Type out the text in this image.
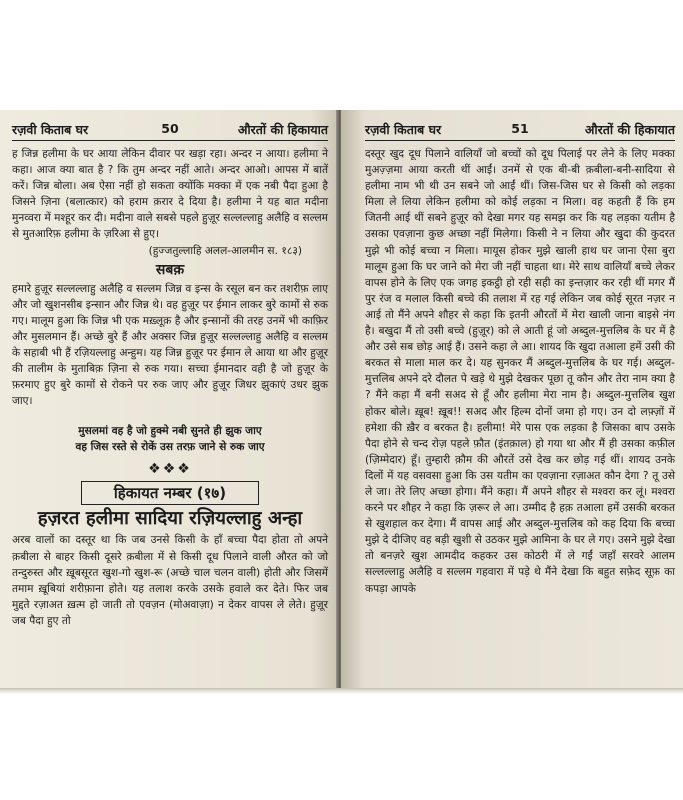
रज़वी किताब घर	50	औरतों की हिकायात

ह जिन्न हलीमा के घर आया लेकिन दीवार पर खड़ा रहा। अन्दर न आया। हलीमा ने कहा। आज क्या बात है ? कि तुम अन्दर नहीं आते। अन्दर आओ। आपस में बातें करें। जिन्न बोला। अब ऐसा नहीं हो सकता क्योंकि मक्का में एक नबी पैदा हुआ है जिसने ज़िना (बलात्कार) को हराम क़रार दे दिया है। हलीमा ने यह बात मदीना मुनव्वरा में मश्हूर कर दी। मदीना वाले सबसे पहले हुज़ूर सल्लल्लाहु अलैहि व सल्लम से मुतआरिफ़ हलीमा के ज़रिआ से हुए।

(हुज्जतुल्लाहि अलल-आलमीन स. १८३)

सबक़

हमारे हुज़ूर सल्लल्लाहु अलैहि व सल्लम जिन्न व इन्स के रसूल बन कर तशरीफ़ लाए और जो खुशनसीब इन्सान और जिन्न थे। वह हुज़ूर पर ईमान लाकर बुरे कामों से रुक गए। मालूम हुआ कि जिन्न भी एक मख़्लूक़ है और इन्सानों की तरह उनमें भी काफ़िर और मुसलमान हैं। अच्छे बुरे हैं और अक्सर जिन्न हुज़ूर सल्लल्लाहु अलैहि व सल्लम के सहाबी भी हैं रज़ियल्लाहु अन्हुम। यह जिन्न हुज़ूर पर ईमान ले आया था और हुज़ूर की तालीम के मुताबिक़ ज़िना से रुक गया। सच्चा ईमानदार वही है जो हुज़ूर के फ़रमाए हुए बुरे कामों से रोकने पर रुक जाए और हुज़ूर जिधर झुकाएं उधर झुक जाए।

मुसलमां वह है जो हुक्मे नबी सुनते ही झुक जाए
वह जिस रस्ते से रोकें उस तरफ़ जाने से रुक जाए
❖❖❖
हिकायत नम्बर (१७)
हज़रत हलीमा सादिया रज़ियल्लाहु अन्हा

अरब वालों का दस्तूर था कि जब उनसे किसी के हाँ बच्चा पैदा होता तो अपने क़बीला से बाहर किसी दूसरे क़बीला में से किसी दूध पिलाने वाली औरत को जो तन्दुरुस्त और ख़ूबसूरत खुश-गो खुश-रू (अच्छे चाल चलन वाली) होती और जिसमें तमाम ख़ूबियां शरीफ़ाना होते। यह तलाश करके उसके हवाले कर देते। फिर जब मुद्दते रज़ाअत ख़त्म हो जाती तो एवज़न (मोअवाज़ा) न देकर वापस ले लेते। हुज़ूर जब पैदा हुए तो

रज़वी किताब घर	51	औरतों की हिकायात

दस्तूर खुद दूध पिलाने वालियाँ जो बच्चों को दूध पिलाई पर लेने के लिए मक्का मुअज़्ज़मा आया करती थीं आईं। उनमें से एक बी-बी क़बीला-बनी-सादिया से हलीमा नाम भी थी उन सबने जो आईं थीं। जिस-जिस घर से किसी को लड़का मिला ले लिया लेकिन हलीमा को कोई लड़का न मिला। वह कहती हैं कि हम जितनी आई थीं सबने हुज़ूर को देखा मगर यह समझ कर कि यह लड़का यतीम है उसका एवज़ाना कुछ अच्छा नहीं मिलेगा। किसी ने न लिया और खुदा की कुदरत मुझे भी कोई बच्चा न मिला। मायूस होकर मुझे खाली हाथ घर जाना ऐसा बुरा मालूम हुआ कि घर जाने को मेरा जी नहीं चाहता था। मेरे साथ वालियाँ बच्चे लेकर वापस होने के लिए एक जगह इकट्ठी हो रही सही का इन्तज़ार कर रही थीं मगर मैं पुर रंज व मलाल किसी बच्चे की तलाश में रह गई लेकिन जब कोई सूरत नज़र न आई तो मैंने अपने शौहर से कहा कि इतनी औरतों में मेरा खाली जाना बाइसे नंग है। बखुदा मैं तो उसी बच्चे (हुज़ूर) को ले आती हूं जो अब्दुल-मुत्तलिब के घर में है और उसे सब छोड़ आई हैं। उसने कहा ले आ। शायद कि खुदा तआला हमें उसी की बरकत से माला माल कर दे। यह सुनकर मैं अब्दुल-मुत्तलिब के घर गई। अब्दुल-मुत्तलिब अपने दरे दौलत पे खड़े थे मुझे देखकर पूछा तू कौन और तेरा नाम क्या है ? मैंने कहा मैं बनी सअद से हूँ और हलीमा मेरा नाम है। अब्दुल-मुत्तलिब खुश होकर बोले। ख़ूब! ख़ूब!! सअद और हिल्म दोनों जमा हो गए। उन दो लफ़्ज़ों में हमेशा की ख़ैर व बरकत है। हलीमा! मेरे पास एक लड़का है जिसका बाप उसके पैदा होने से चन्द रोज़ पहले फ़ौत (इंतक़ाल) हो गया था और मैं ही उसका कफ़ील (ज़िम्मेदार) हूँ। तुम्हारी क़ौम की औरतें उसे देख कर छोड़ गई थीं। शायद उनके दिलों में यह वसवसा हुआ कि उस यतीम का एवज़ाना रज़ाअत कौन देगा ? तू उसे ले जा। तेरे लिए अच्छा होगा। मैंने कहा। मैं अपने शौहर से मश्वरा कर लूं। मश्वरा करने पर शौहर ने कहा कि ज़रूर ले आ। उम्मीद है हक़ तआला हमें उसकी बरकत से खुशहाल कर देगा। मैं वापस आई और अब्दुल-मुत्तलिब को कह दिया कि बच्चा मुझे दे दीजिए वह बड़ी खुशी से उठकर मुझे आमिना के घर ले गए। उसने मुझे देखा तो बनज़रे खुश आमदीद कहकर उस कोठरी में ले गईं जहाँ सरवरे आलम सल्लल्लाहु अलैहि व सल्लम गहवारा में पड़े थे मैंने देखा कि बहुत सफ़ेद सूफ़ का कपड़ा आपके
